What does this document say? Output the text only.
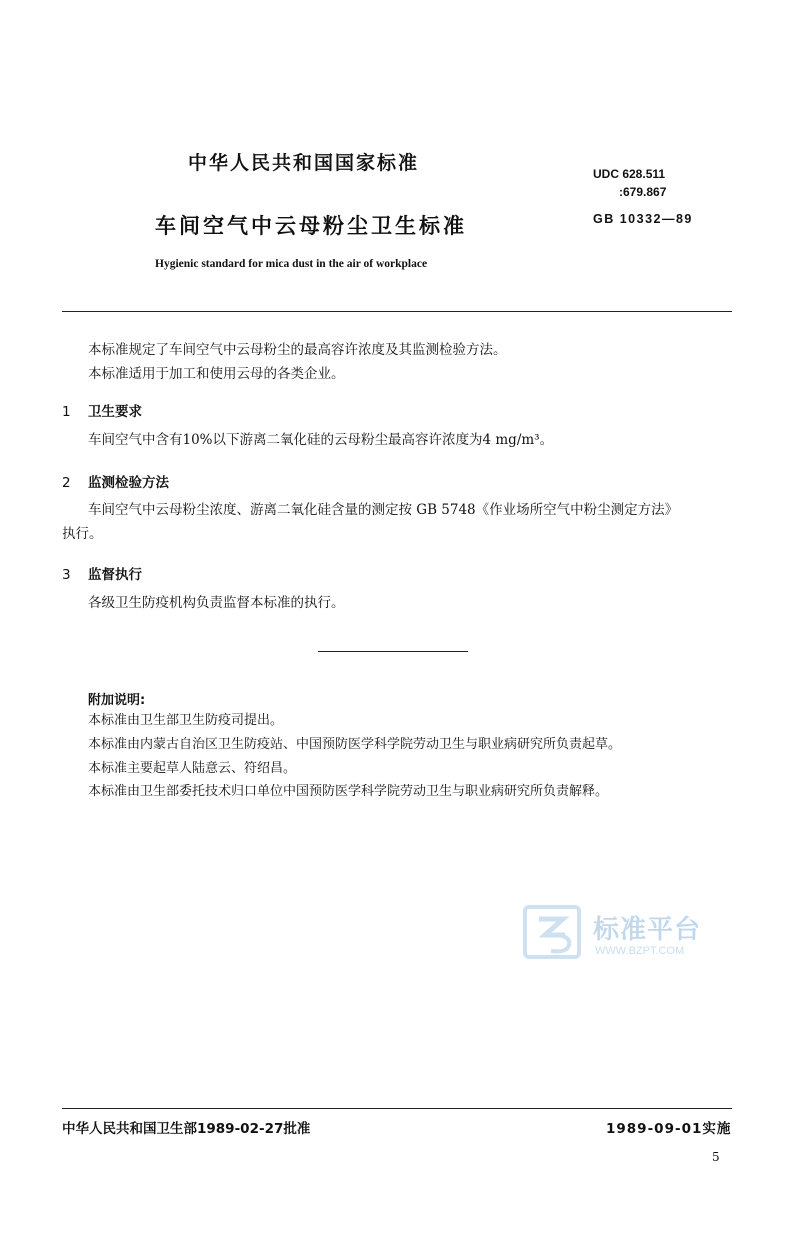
中华人民共和国国家标准	UDC 628.511
:679.867
车间空气中云母粉尘卫生标准	GB 10332—89
Hygienic standard for mica dust in the air of workplace
本标准规定了车间空气中云母粉尘的最高容许浓度及其监测检验方法。
本标准适用于加工和使用云母的各类企业。
1 卫生要求
车间空气中含有10%以下游离二氧化硅的云母粉尘最高容许浓度为4 mg/m³。
2 监测检验方法
车间空气中云母粉尘浓度、游离二氧化硅含量的测定按 GB 5748《作业场所空气中粉尘测定方法》
执行。
3 监督执行
各级卫生防疫机构负责监督本标准的执行。
附加说明:
本标准由卫生部卫生防疫司提出。
本标准由内蒙古自治区卫生防疫站、中国预防医学科学院劳动卫生与职业病研究所负责起草。
本标准主要起草人陆意云、符绍昌。
本标准由卫生部委托技术归口单位中国预防医学科学院劳动卫生与职业病研究所负责解释。
标准平台
WWW.BZPT.COM
中华人民共和国卫生部1989-02-27批准	1989-09-01实施
5
